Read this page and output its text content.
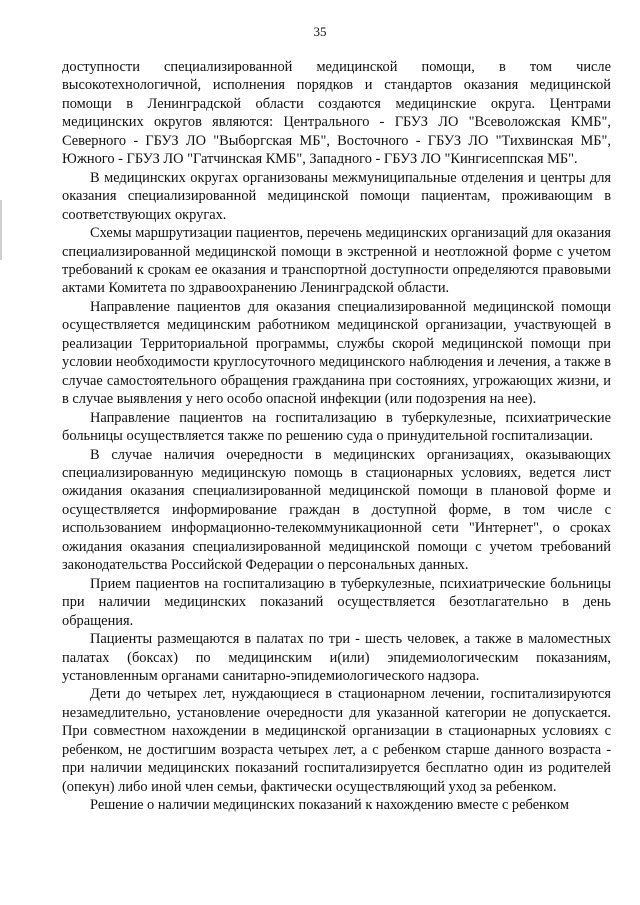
35

доступности специализированной медицинской помощи, в том числе высокотехнологичной, исполнения порядков и стандартов оказания медицинской помощи в Ленинградской области создаются медицинские округа. Центрами медицинских округов являются: Центрального - ГБУЗ ЛО "Всеволожская КМБ", Северного - ГБУЗ ЛО "Выборгская МБ", Восточного - ГБУЗ ЛО "Тихвинская МБ", Южного - ГБУЗ ЛО "Гатчинская КМБ", Западного - ГБУЗ ЛО "Кингисеппская МБ".

В медицинских округах организованы межмуниципальные отделения и центры для оказания специализированной медицинской помощи пациентам, проживающим в соответствующих округах.

Схемы маршрутизации пациентов, перечень медицинских организаций для оказания специализированной медицинской помощи в экстренной и неотложной форме с учетом требований к срокам ее оказания и транспортной доступности определяются правовыми актами Комитета по здравоохранению Ленинградской области.

Направление пациентов для оказания специализированной медицинской помощи осуществляется медицинским работником медицинской организации, участвующей в реализации Территориальной программы, службы скорой медицинской помощи при условии необходимости круглосуточного медицинского наблюдения и лечения, а также в случае самостоятельного обращения гражданина при состояниях, угрожающих жизни, и в случае выявления у него особо опасной инфекции (или подозрения на нее).

Направление пациентов на госпитализацию в туберкулезные, психиатрические больницы осуществляется также по решению суда о принудительной госпитализации.

В случае наличия очередности в медицинских организациях, оказывающих специализированную медицинскую помощь в стационарных условиях, ведется лист ожидания оказания специализированной медицинской помощи в плановой форме и осуществляется информирование граждан в доступной форме, в том числе с использованием информационно-телекоммуникационной сети "Интернет", о сроках ожидания оказания специализированной медицинской помощи с учетом требований законодательства Российской Федерации о персональных данных.

Прием пациентов на госпитализацию в туберкулезные, психиатрические больницы при наличии медицинских показаний осуществляется безотлагательно в день обращения.

Пациенты размещаются в палатах по три - шесть человек, а также в маломестных палатах (боксах) по медицинским и(или) эпидемиологическим показаниям, установленным органами санитарно-эпидемиологического надзора.

Дети до четырех лет, нуждающиеся в стационарном лечении, госпитализируются незамедлительно, установление очередности для указанной категории не допускается. При совместном нахождении в медицинской организации в стационарных условиях с ребенком, не достигшим возраста четырех лет, а с ребенком старше данного возраста - при наличии медицинских показаний госпитализируется бесплатно один из родителей (опекун) либо иной член семьи, фактически осуществляющий уход за ребенком.

Решение о наличии медицинских показаний к нахождению вместе с ребенком
